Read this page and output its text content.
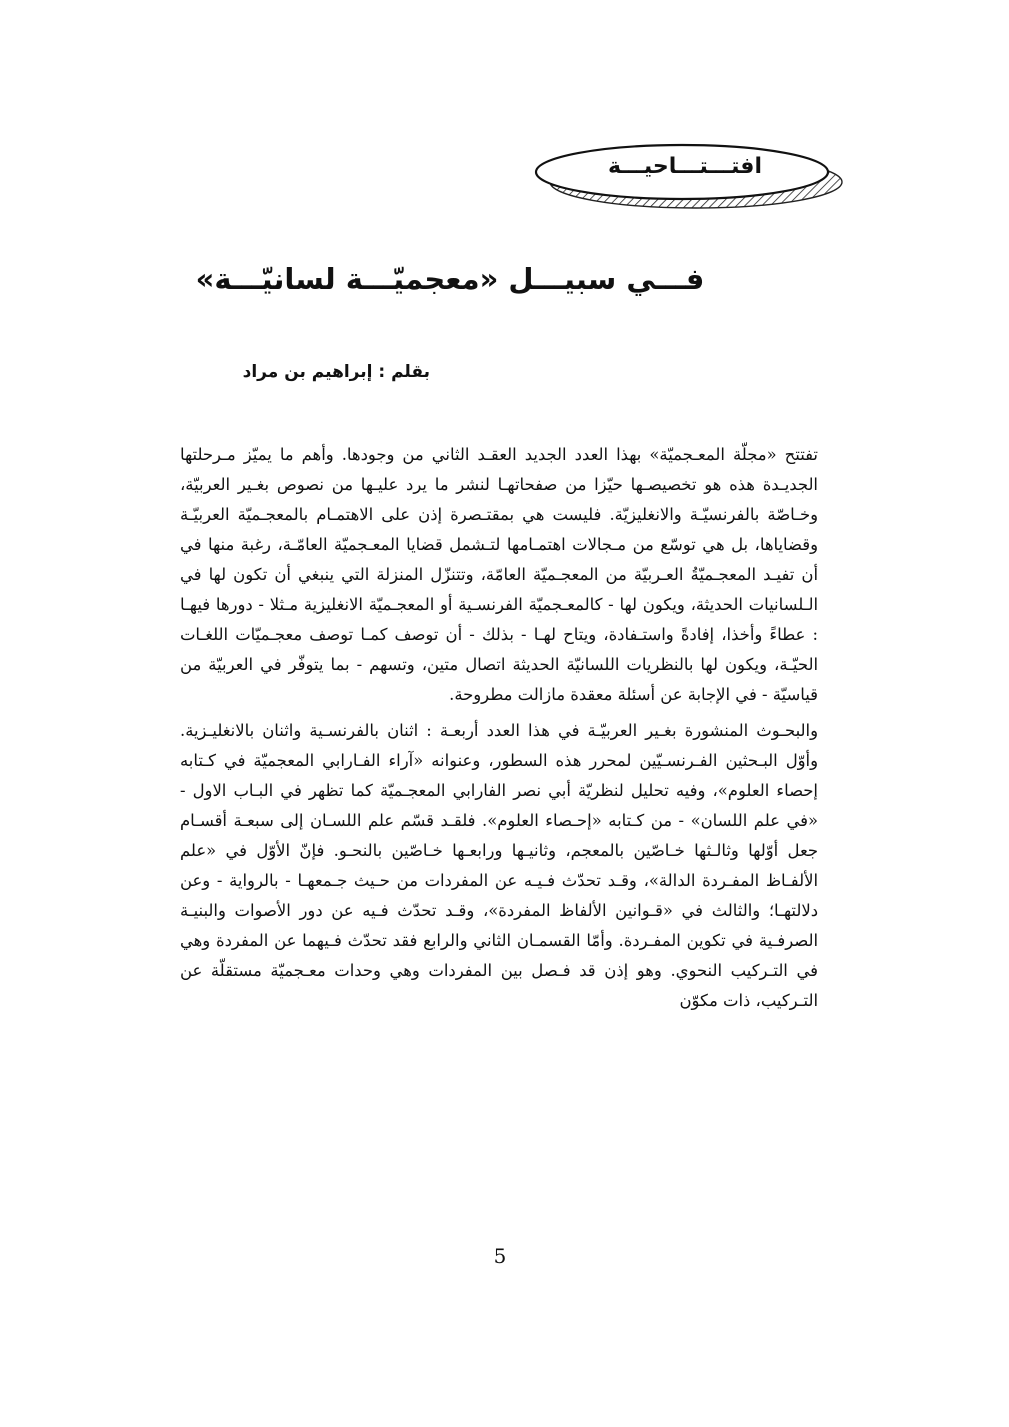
افتـــتـــاحيـــة
فـــي سبيـــل «معجميّـــة لسانيّـــة»
بقلم : إبراهيم بن مراد

تفتتح «مجلّة المعـجميّة» بهذا العدد الجديد العقـد الثاني من وجودها. وأهم ما يميّز مـرحلتها الجديـدة هذه هو تخصيصـها حيّزا من صفحاتهـا لنشر ما يرد عليـها من نصوص بغـير العربيّة، وخـاصّة بالفرنسيّـة والانغليزيّة. فليست هي بمقتـصرة إذن على الاهتمـام بالمعجـميّة العربيّـة وقضاياها، بل هي توسّع من مـجالات اهتمـامها لتـشمل قضايا المعـجميّة العامّـة، رغبة منها في أن تفيـد المعجـميّةُ العـربيّة من المعجـميّة العامّة، وتتنزّل المنزلة التي ينبغي أن تكون لها في الـلسانيات الحديثة، ويكون لها - كالمعـجميّة الفرنسـية أو المعجـميّة الانغليزية مـثلا - دورها فيهـا : عطاءً وأخذا، إفادةً واستـفادة، ويتاح لهـا - بذلك - أن توصف كمـا توصف معجـميّات اللغـات الحيّـة، ويكون لها بالنظريات اللسانيّة الحديثة اتصال متين، وتسهم - بما يتوفّر في العربيّة من قياسيّة - في الإجابة عن أسئلة معقدة مازالت مطروحة.

والبحـوث المنشورة بغـير العربيّـة في هذا العدد أربعـة : اثنان بالفرنسـية واثنان بالانغليـزية. وأوّل البـحثين الفـرنسـيّين لمحرر هذه السطور، وعنوانه «آراء الفـارابي المعجميّة في كـتابه إحصاء العلوم»، وفيه تحليل لنظريّة أبي نصر الفارابي المعجـميّة كما تظهر في البـاب الاول - «في علم اللسان» - من كـتابه «إحـصاء العلوم». فلقـد قسّم علم اللسـان إلى سبعـة أقسـام جعل أوّلها وثالـثها خـاصّين بالمعجم، وثانيـها ورابعـها خـاصّين بالنحـو. فإنّ الأوّل في «علم الألفـاظ المفـردة الدالة»، وقـد تحدّث فـيـه عن المفردات من حـيث جـمعهـا - بالرواية - وعن دلالتهـا؛ والثالث في «قـوانين الألفاظ المفردة»، وقـد تحدّث فـيه عن دور الأصوات والبنيـة الصرفـية في تكوين المفـردة. وأمّا القسمـان الثاني والرابع فقد تحدّث فـيهما عن المفردة وهي في التـركيب النحوي. وهو إذن قد فـصل بين المفردات وهي وحدات معـجميّة مستقلّة عن التـركيب، ذات مكوّن

5
